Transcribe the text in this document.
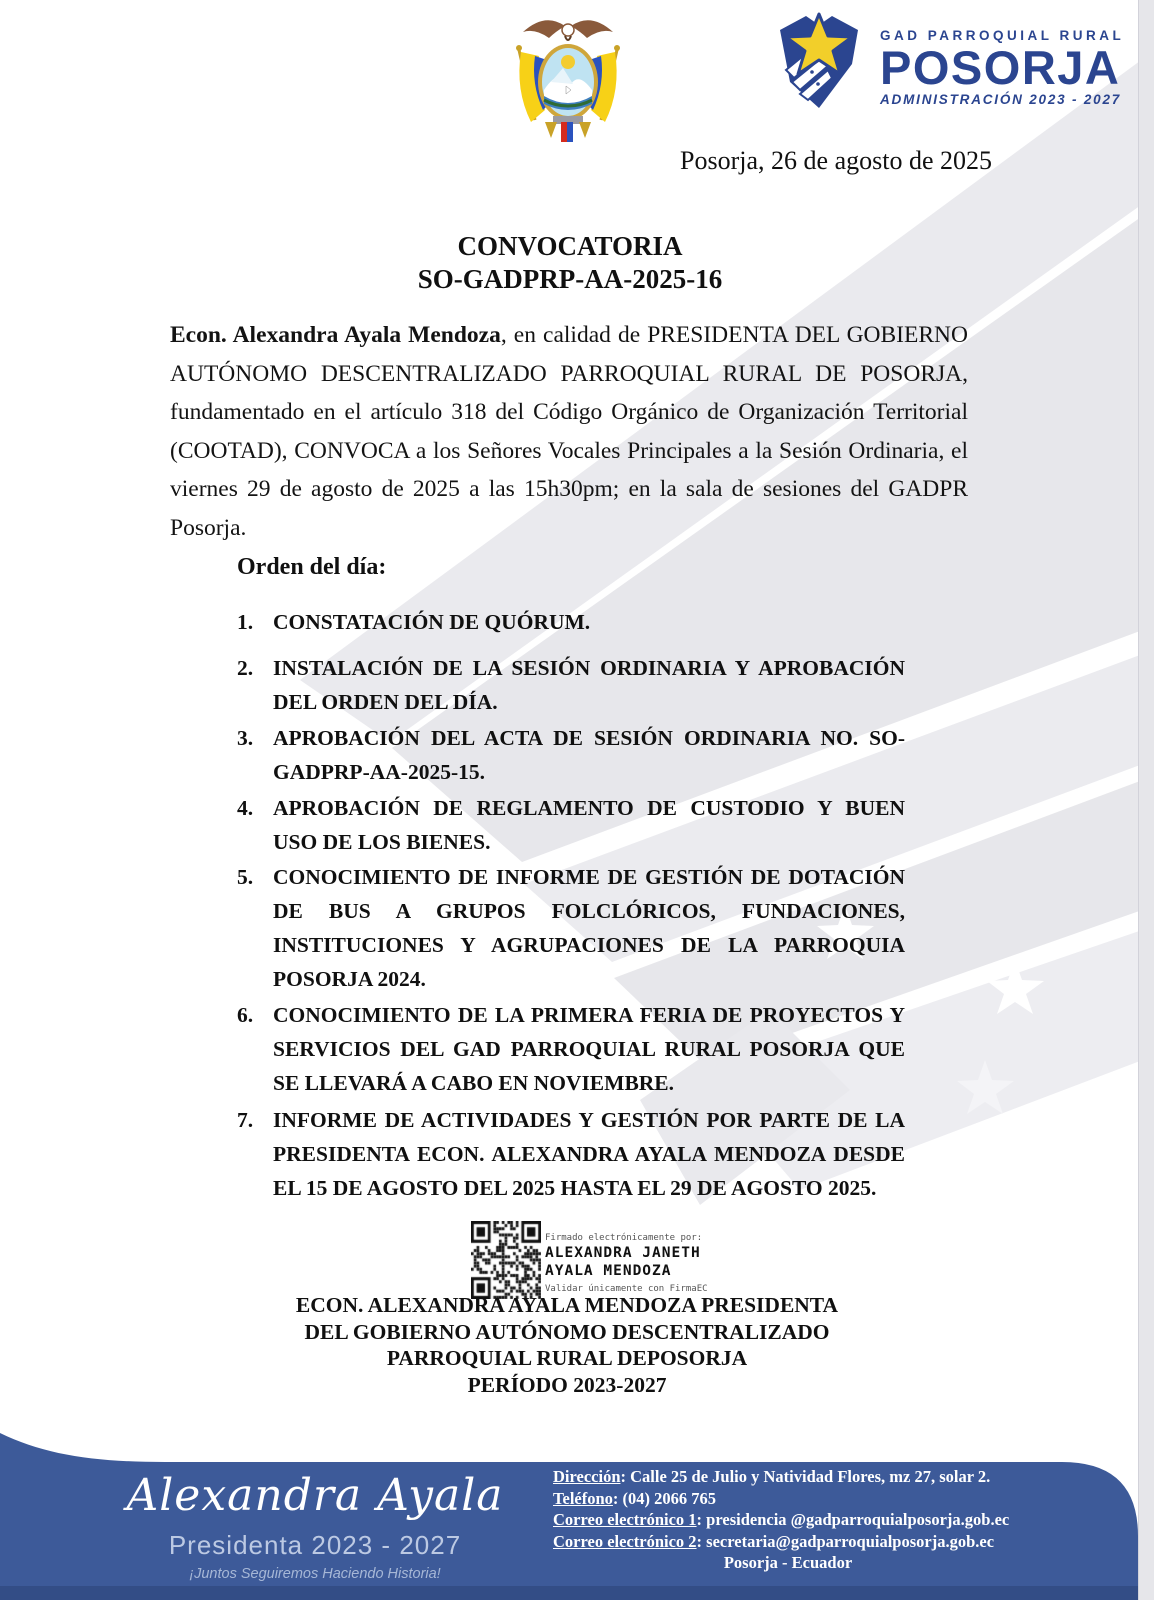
GAD PARROQUIAL RURAL
POSORJA
ADMINISTRACIÓN 2023 - 2027
Posorja, 26 de agosto de 2025
CONVOCATORIA
SO-GADPRP-AA-2025-16
Econ. Alexandra Ayala Mendoza, en calidad de PRESIDENTA DEL GOBIERNO AUTÓNOMO DESCENTRALIZADO PARROQUIAL RURAL DE POSORJA, fundamentado en el artículo 318 del Código Orgánico de Organización Territorial (COOTAD), CONVOCA a los Señores Vocales Principales a la Sesión Ordinaria, el viernes 29 de agosto de 2025 a las 15h30pm; en la sala de sesiones del GADPR Posorja.
Orden del día:
1. CONSTATACIÓN DE QUÓRUM.
2. INSTALACIÓN DE LA SESIÓN ORDINARIA Y APROBACIÓN DEL ORDEN DEL DÍA.
3. APROBACIÓN DEL ACTA DE SESIÓN ORDINARIA NO. SO-GADPRP-AA-2025-15.
4. APROBACIÓN DE REGLAMENTO DE CUSTODIO Y BUEN USO DE LOS BIENES.
5. CONOCIMIENTO DE INFORME DE GESTIÓN DE DOTACIÓN DE BUS A GRUPOS FOLCLÓRICOS, FUNDACIONES, INSTITUCIONES Y AGRUPACIONES DE LA PARROQUIA POSORJA 2024.
6. CONOCIMIENTO DE LA PRIMERA FERIA DE PROYECTOS Y SERVICIOS DEL GAD PARROQUIAL RURAL POSORJA QUE SE LLEVARÁ A CABO EN NOVIEMBRE.
7. INFORME DE ACTIVIDADES Y GESTIÓN POR PARTE DE LA PRESIDENTA ECON. ALEXANDRA AYALA MENDOZA DESDE EL 15 DE AGOSTO DEL 2025 HASTA EL 29 DE AGOSTO 2025.
Firmado electrónicamente por:
ALEXANDRA JANETH
AYALA MENDOZA
Validar únicamente con FirmaEC
ECON. ALEXANDRA AYALA MENDOZA PRESIDENTA
DEL GOBIERNO AUTÓNOMO DESCENTRALIZADO
PARROQUIAL RURAL DEPOSORJA
PERÍODO 2023-2027
Alexandra Ayala
Presidenta 2023 - 2027
¡Juntos Seguiremos Haciendo Historia!
Dirección: Calle 25 de Julio y Natividad Flores, mz 27, solar 2.
Teléfono: (04) 2066 765
Correo electrónico 1: presidencia @gadparroquialposorja.gob.ec
Correo electrónico 2: secretaria@gadparroquialposorja.gob.ec
Posorja - Ecuador
